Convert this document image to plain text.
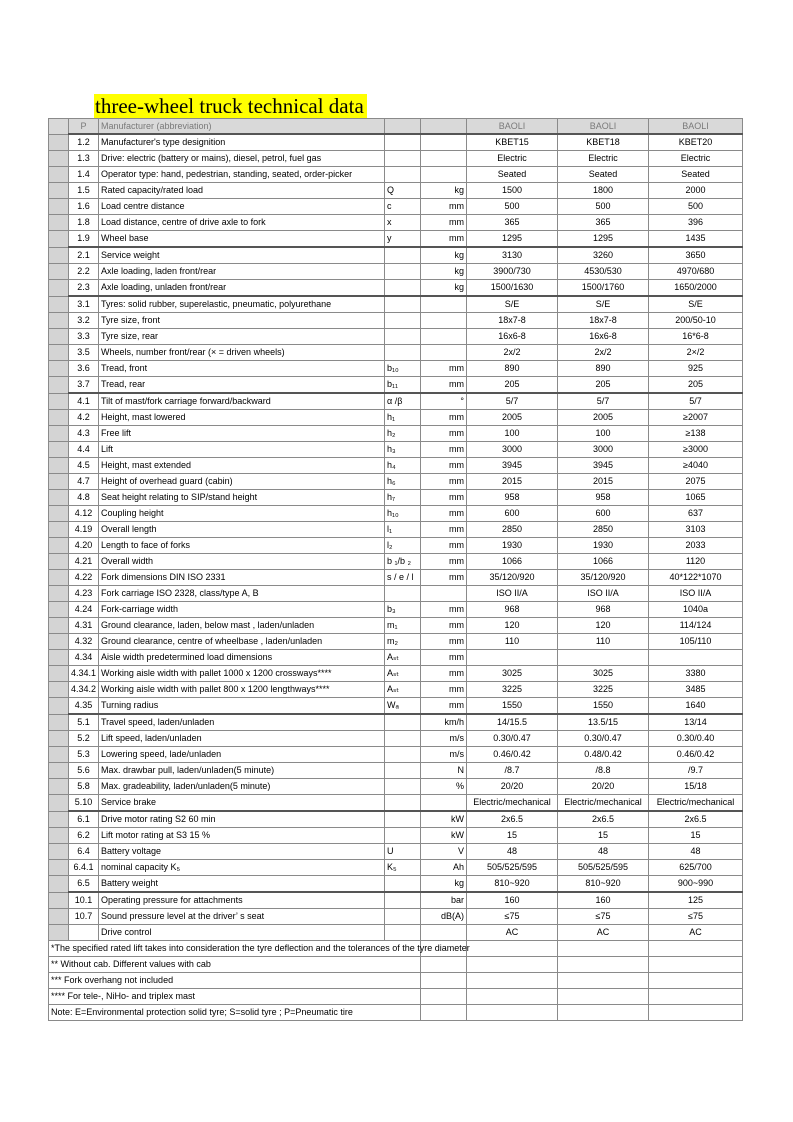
three-wheel truck technical data
	P	Manufacturer (abbreviation)			BAOLI	BAOLI	BAOLI
	1.2	Manufacturer's type designition			KBET15	KBET18	KBET20
	1.3	Drive: electric (battery or mains), diesel, petrol, fuel gas			Electric	Electric	Electric
	1.4	Operator type: hand, pedestrian, standing, seated, order-picker			Seated	Seated	Seated
	1.5	Rated capacity/rated load	Q	kg	1500	1800	2000
	1.6	Load centre distance	c	mm	500	500	500
	1.8	Load distance, centre of drive axle to fork	x	mm	365	365	396
	1.9	Wheel base	y	mm	1295	1295	1435
	2.1	Service weight		kg	3130	3260	3650
	2.2	Axle loading, laden front/rear		kg	3900/730	4530/530	4970/680
	2.3	Axle loading, unladen front/rear		kg	1500/1630	1500/1760	1650/2000
	3.1	Tyres: solid rubber, superelastic, pneumatic, polyurethane			S/E	S/E	S/E
	3.2	Tyre size, front			18x7-8	18x7-8	200/50-10
	3.3	Tyre size, rear			16x6-8	16x6-8	16*6-8
	3.5	Wheels, number front/rear (× = driven wheels)			2x/2	2x/2	2×/2
	3.6	Tread, front	b₁₀	mm	890	890	925
	3.7	Tread, rear	b₁₁	mm	205	205	205
	4.1	Tilt of mast/fork carriage forward/backward	α /β	°	5/7	5/7	5/7
	4.2	Height, mast lowered	h₁	mm	2005	2005	≥2007
	4.3	Free lift	h₂	mm	100	100	≥138
	4.4	Lift	h₃	mm	3000	3000	≥3000
	4.5	Height, mast extended	h₄	mm	3945	3945	≥4040
	4.7	Height of overhead guard (cabin)	h₆	mm	2015	2015	2075
	4.8	Seat height relating to SIP/stand height	h₇	mm	958	958	1065
	4.12	Coupling height	h₁₀	mm	600	600	637
	4.19	Overall length	l₁	mm	2850	2850	3103
	4.20	Length to face of forks	l₂	mm	1930	1930	2033
	4.21	Overall width	b ₁/b ₂	mm	1066	1066	1120
	4.22	Fork dimensions DIN ISO 2331	s / e / l	mm	35/120/920	35/120/920	40*122*1070
	4.23	Fork carriage ISO 2328, class/type A, B			ISO II/A	ISO II/A	ISO II/A
	4.24	Fork-carriage width	b₃	mm	968	968	1040a
	4.31	Ground clearance, laden, below mast , laden/unladen	m₁	mm	120	120	114/124
	4.32	Ground clearance, centre of wheelbase , laden/unladen	m₂	mm	110	110	105/110
	4.34	Aisle width predetermined load dimensions	Aₛₜ	mm			
	4.34.1	Working aisle width with pallet 1000 x 1200 crossways****	Aₛₜ	mm	3025	3025	3380
	4.34.2	Working aisle width with pallet 800 x 1200 lengthways****	Aₛₜ	mm	3225	3225	3485
	4.35	Turning radius	Wₐ	mm	1550	1550	1640
	5.1	Travel speed, laden/unladen		km/h	14/15.5	13.5/15	13/14
	5.2	Lift speed, laden/unladen		m/s	0.30/0.47	0.30/0.47	0.30/0.40
	5.3	Lowering speed, lade/unladen		m/s	0.46/0.42	0.48/0.42	0.46/0.42
	5.6	Max. drawbar pull, laden/unladen(5 minute)		N	/8.7	/8.8	/9.7
	5.8	Max. gradeability, laden/unladen(5 minute)		%	20/20	20/20	15/18
	5.10	Service brake			Electric/mechanical	Electric/mechanical	Electric/mechanical
	6.1	Drive motor rating S2 60 min		kW	2x6.5	2x6.5	2x6.5
	6.2	Lift motor rating at S3 15 %		kW	15	15	15
	6.4	Battery voltage	U	V	48	48	48
	6.4.1	nominal capacity K₅	K₅	Ah	505/525/595	505/525/595	625/700
	6.5	Battery weight		kg	810~920	810~920	900~990
	10.1	Operating pressure for attachments		bar	160	160	125
	10.7	Sound pressure level at the driver’ s seat		dB(A)	≤75	≤75	≤75
		Drive control			AC	AC	AC
*The specified rated lift takes into consideration the tyre deflection and the tolerances of the tyre diameter							
** Without cab. Different values with cab							
*** Fork overhang not included							
**** For tele-, NiHo- and triplex mast							
Note: E=Environmental protection solid tyre; S=solid tyre ; P=Pneumatic tire							
